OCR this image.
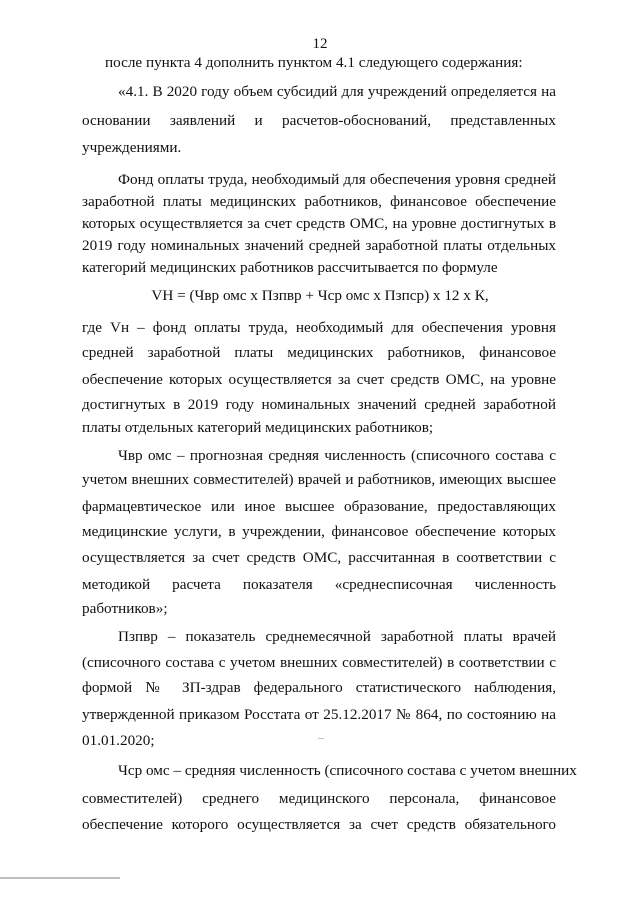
12
после пункта 4 дополнить пунктом 4.1 следующего содержания:
«4.1. В 2020 году объем субсидий для учреждений определяется на
основании заявлений и расчетов-обоснований, представленных
учреждениями.
Фонд оплаты труда, необходимый для обеспечения уровня средней
заработной платы медицинских работников, финансовое обеспечение
которых осуществляется за счет средств ОМС, на уровне достигнутых в
2019 году номинальных значений средней заработной платы отдельных
категорий медицинских работников рассчитывается по формуле
VН = (Чвр омс x Пзпвр + Чср омс x Пзпср) x 12 x К,
где Vн – фонд оплаты труда, необходимый для обеспечения уровня
средней заработной платы медицинских работников, финансовое
обеспечение которых осуществляется за счет средств ОМС, на уровне
достигнутых в 2019 году номинальных значений средней заработной
платы отдельных категорий медицинских работников;
Чвр омс – прогнозная средняя численность (списочного состава с
учетом внешних совместителей) врачей и работников, имеющих высшее
фармацевтическое или иное высшее образование, предоставляющих
медицинские услуги, в учреждении, финансовое обеспечение которых
осуществляется за счет средств ОМС, рассчитанная в соответствии с
методикой расчета показателя «среднесписочная численность
работников»;
Пзпвр – показатель среднемесячной заработной платы врачей
(списочного состава с учетом внешних совместителей) в соответствии с
формой № ЗП-здрав федерального статистического наблюдения,
утвержденной приказом Росстата от 25.12.2017 № 864, по состоянию на
01.01.2020;
Чср омс – средняя численность (списочного состава с учетом внешних
совместителей) среднего медицинского персонала, финансовое
обеспечение которого осуществляется за счет средств обязательного
